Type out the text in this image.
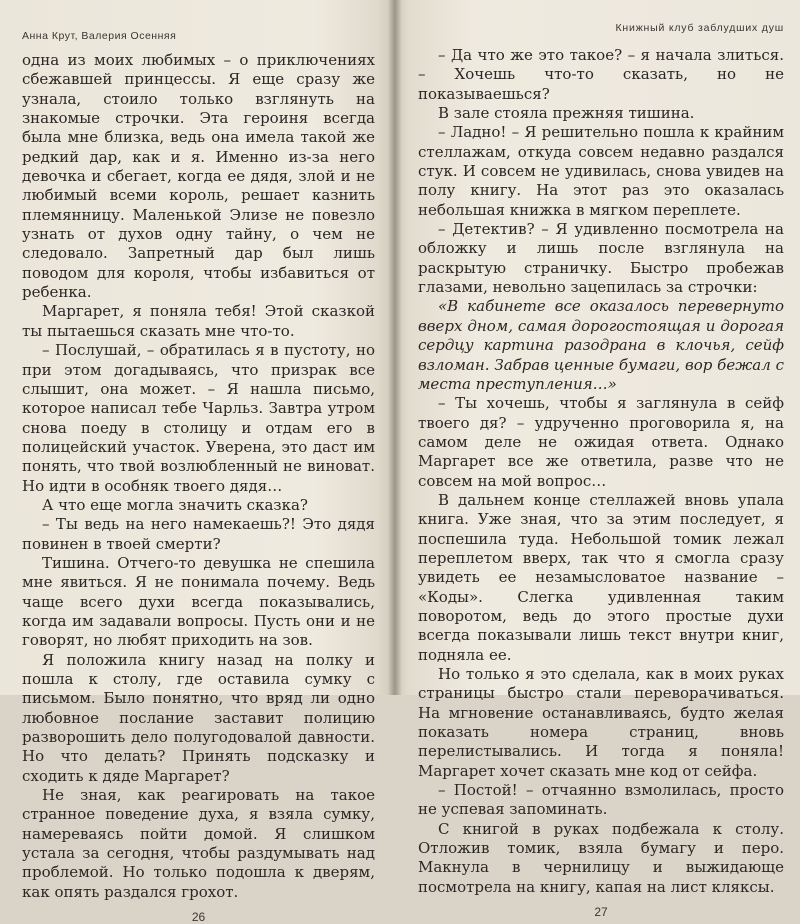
Анна Крут, Валерия Осенняя

одна из моих любимых – о приключениях сбежавшей принцессы. Я еще сразу же узнала, стоило только взглянуть на знакомые строчки. Эта героиня всегда была мне близка, ведь она имела такой же редкий дар, как и я. Именно из-за него девочка и сбегает, когда ее дядя, злой и не любимый всеми король, решает казнить племянницу. Маленькой Элизе не повезло узнать от духов одну тайну, о чем не следовало. Запретный дар был лишь поводом для короля, чтобы избавиться от ребенка.

Маргарет, я поняла тебя! Этой сказкой ты пытаешься сказать мне что-то.

– Послушай, – обратилась я в пустоту, но при этом догадываясь, что призрак все слышит, она может. – Я нашла письмо, которое написал тебе Чарльз. Завтра утром снова поеду в столицу и отдам его в полицейский участок. Уверена, это даст им понять, что твой возлюбленный не виноват. Но идти в особняк твоего дядя…

А что еще могла значить сказка?

– Ты ведь на него намекаешь?! Это дядя повинен в твоей смерти?

Тишина. Отчего-то девушка не спешила мне явиться. Я не понимала почему. Ведь чаще всего духи всегда показывались, когда им задавали вопросы. Пусть они и не говорят, но любят приходить на зов.

Я положила книгу назад на полку и пошла к столу, где оставила сумку с письмом. Было понятно, что вряд ли одно любовное послание заставит полицию разворошить дело полугодовалой давности. Но что делать? Принять подсказку и сходить к дяде Маргарет?

Не зная, как реагировать на такое странное поведение духа, я взяла сумку, намереваясь пойти домой. Я слишком устала за сегодня, чтобы раздумывать над проблемой. Но только подошла к дверям, как опять раздался грохот.

26
Книжный клуб заблудших душ

– Да что же это такое? – я начала злиться. – Хочешь что-то сказать, но не показываешься?

В зале стояла прежняя тишина.

– Ладно! – Я решительно пошла к крайним стеллажам, откуда совсем недавно раздался стук. И совсем не удивилась, снова увидев на полу книгу. На этот раз это оказалась небольшая книжка в мягком переплете.

– Детектив? – Я удивленно посмотрела на обложку и лишь после взглянула на раскрытую страничку. Быстро пробежав глазами, невольно зацепилась за строчки:

«В кабинете все оказалось перевернуто вверх дном, самая дорогостоящая и дорогая сердцу картина разодрана в клочья, сейф взломан. Забрав ценные бумаги, вор бежал с места преступления…»

– Ты хочешь, чтобы я заглянула в сейф твоего дя? – удрученно проговорила я, на самом деле не ожидая ответа. Однако Маргарет все же ответила, разве что не совсем на мой вопрос…

В дальнем конце стеллажей вновь упала книга. Уже зная, что за этим последует, я поспешила туда. Небольшой томик лежал переплетом вверх, так что я смогла сразу увидеть ее незамысловатое название – «Коды». Слегка удивленная таким поворотом, ведь до этого простые духи всегда показывали лишь текст внутри книг, подняла ее.

Но только я это сделала, как в моих руках страницы быстро стали переворачиваться. На мгновение останавливаясь, будто желая показать номера страниц, вновь перелистывались. И тогда я поняла! Маргарет хочет сказать мне код от сейфа.

– Постой! – отчаянно взмолилась, просто не успевая запоминать.

С книгой в руках подбежала к столу. Отложив томик, взяла бумагу и перо. Макнула в чернилицу и выжидающе посмотрела на книгу, капая на лист кляксы.

27
